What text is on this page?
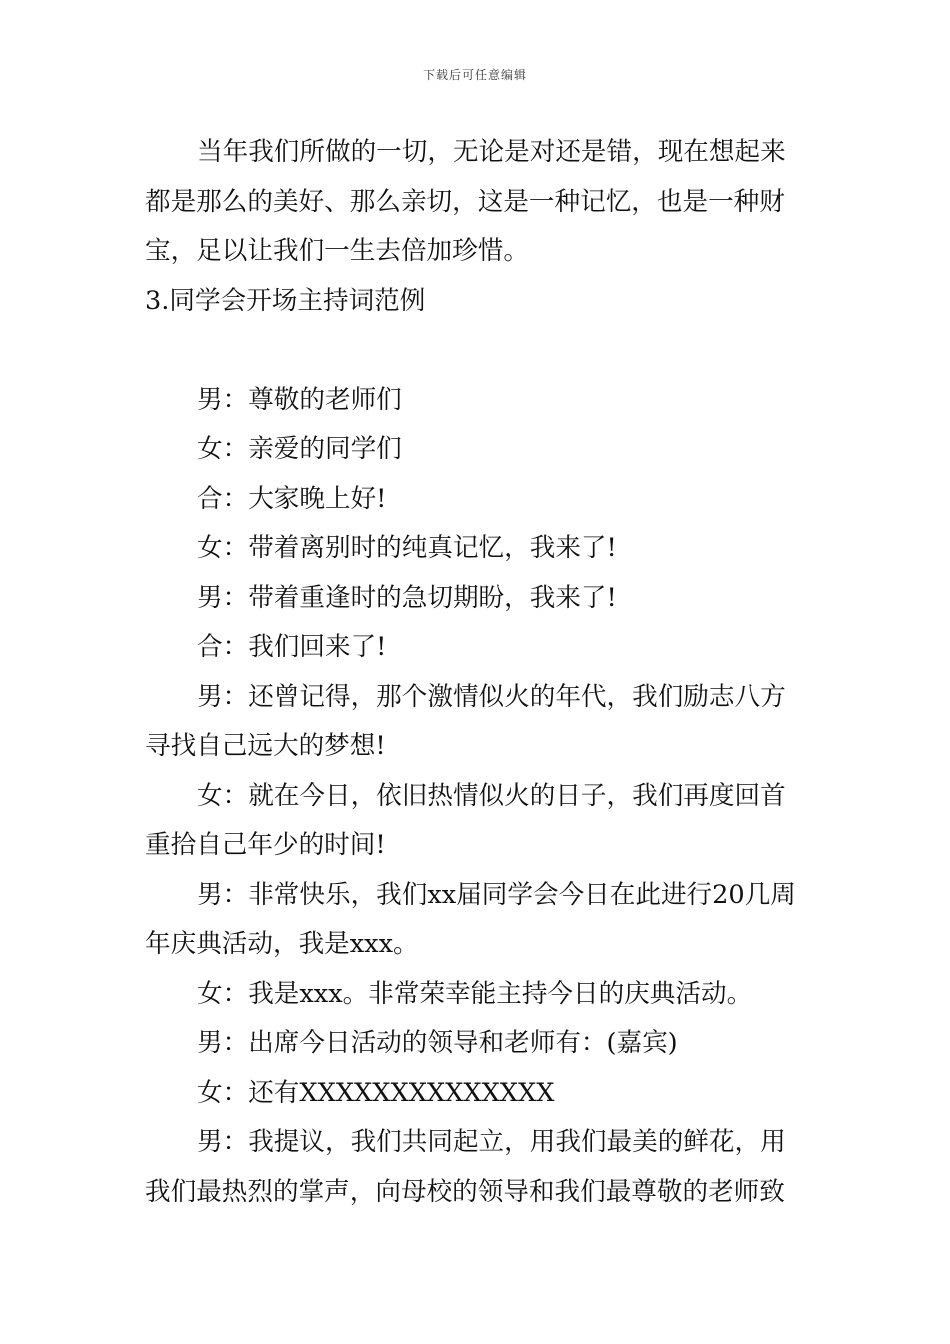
下载后可任意编辑
当年我们所做的一切，无论是对还是错，现在想起来
都是那么的美好、那么亲切，这是一种记忆，也是一种财
宝，足以让我们一生去倍加珍惜。
3.同学会开场主持词范例
男：尊敬的老师们
女：亲爱的同学们
合：大家晚上好!
女：带着离别时的纯真记忆，我来了!
男：带着重逢时的急切期盼，我来了!
合：我们回来了!
男：还曾记得，那个激情似火的年代，我们励志八方
寻找自己远大的梦想!
女：就在今日，依旧热情似火的日子，我们再度回首
重拾自己年少的时间!
男：非常快乐，我们xx届同学会今日在此进行20几周
年庆典活动，我是xxx。
女：我是xxx。非常荣幸能主持今日的庆典活动。
男：出席今日活动的领导和老师有：(嘉宾)
女：还有XXXXXXXXXXXXXX
男：我提议，我们共同起立，用我们最美的鲜花，用
我们最热烈的掌声，向母校的领导和我们最尊敬的老师致
